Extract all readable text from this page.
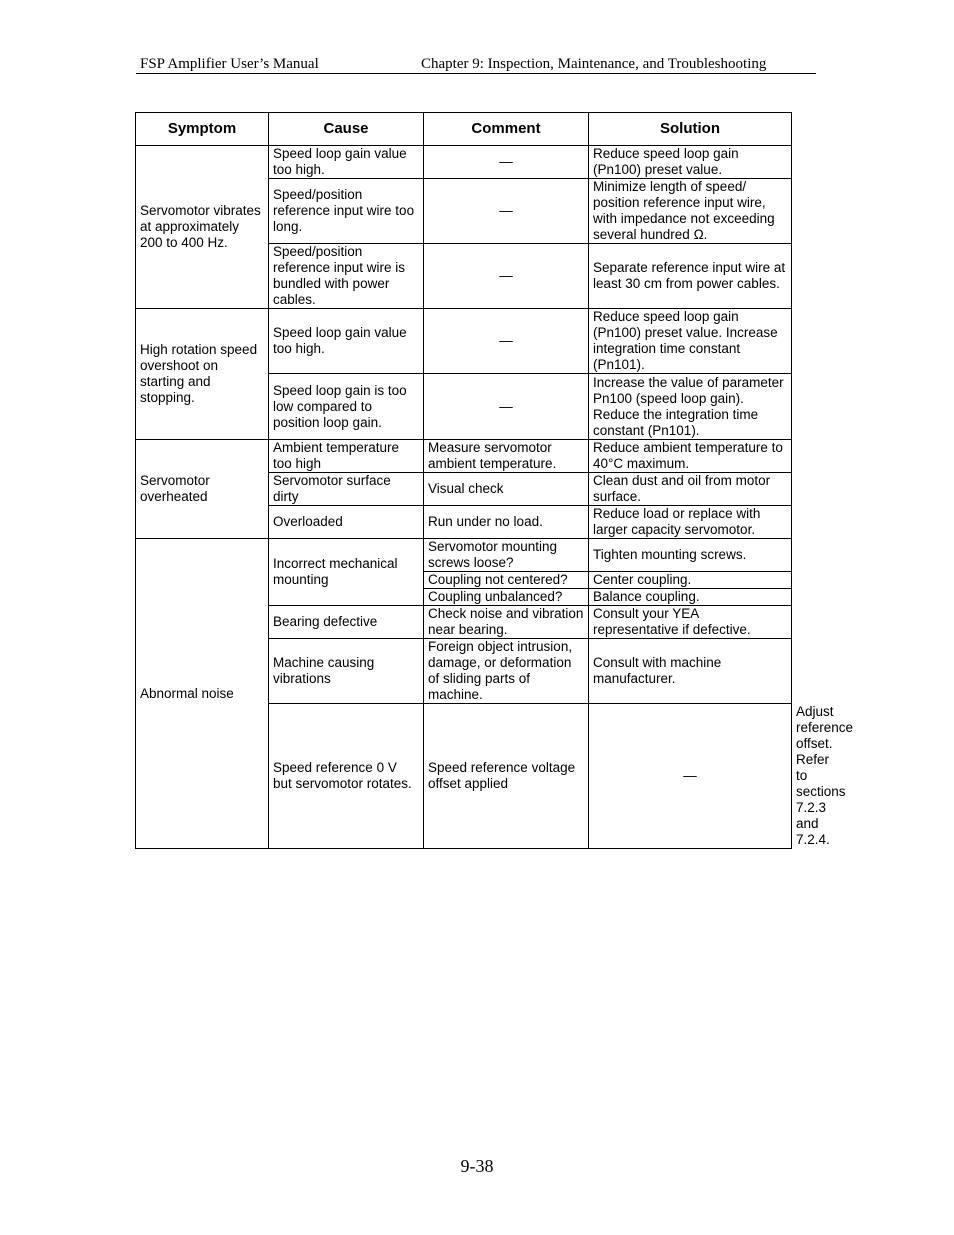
FSP Amplifier User’s Manual	Chapter 9: Inspection, Maintenance, and Troubleshooting
Symptom	Cause	Comment	Solution	
Servomotor vibrates at approximately 200 to 400 Hz.	Speed loop gain value too high.	—	Reduce speed loop gain (Pn100) preset value.	
	Speed/position reference input wire too long.	—	Minimize length of speed/ position reference input wire, with impedance not exceeding several hundred Ω.	
	Speed/position reference input wire is bundled with power cables.	—	Separate reference input wire at least 30 cm from power cables.	
High rotation speed overshoot on starting and stopping.	Speed loop gain value too high.	—	Reduce speed loop gain (Pn100) preset value. Increase integration time constant (Pn101).	
	Speed loop gain is too low compared to position loop gain.	—	Increase the value of parameter Pn100 (speed loop gain). Reduce the integration time constant (Pn101).	
Servomotor overheated	Ambient temperature too high	Measure servomotor ambient temperature.	Reduce ambient temperature to 40°C maximum.	
	Servomotor surface dirty	Visual check	Clean dust and oil from motor surface.	
	Overloaded	Run under no load.	Reduce load or replace with larger capacity servomotor.	
Abnormal noise	Incorrect mechanical mounting	Servomotor mounting screws loose?	Tighten mounting screws.	
		Coupling not centered?	Center coupling.	
		Coupling unbalanced?	Balance coupling.	
	Bearing defective	Check noise and vibration near bearing.	Consult your YEA representative if defective.	
	Machine causing vibrations	Foreign object intrusion, damage, or deformation of sliding parts of machine.	Consult with machine manufacturer.	
	Speed reference 0 V but servomotor rotates.	Speed reference voltage offset applied	—	Adjust reference offset. Refer to sections 7.2.3 and 7.2.4.
9-38
